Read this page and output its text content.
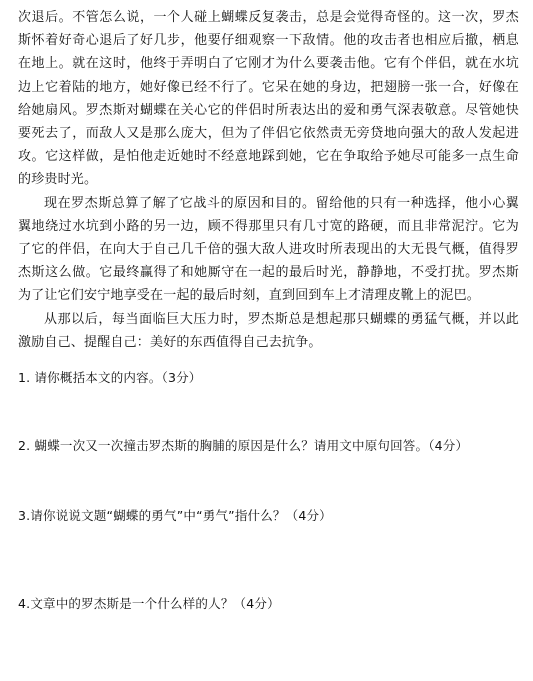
次退后。不管怎么说，一个人碰上蝴蝶反复袭击，总是会觉得奇怪的。这一次，罗杰斯怀着好奇心退后了好几步，他要仔细观察一下敌情。他的攻击者也相应后撤，栖息在地上。就在这时，他终于弄明白了它刚才为什么要袭击他。它有个伴侣，就在水坑边上它着陆的地方，她好像已经不行了。它呆在她的身边，把翅膀一张一合，好像在给她扇风。罗杰斯对蝴蝶在关心它的伴侣时所表达出的爱和勇气深表敬意。尽管她快要死去了，而敌人又是那么庞大，但为了伴侣它依然责无旁贷地向强大的敌人发起进攻。它这样做，是怕他走近她时不经意地踩到她，它在争取给予她尽可能多一点生命的珍贵时光。

现在罗杰斯总算了解了它战斗的原因和目的。留给他的只有一种选择，他小心翼翼地绕过水坑到小路的另一边，顾不得那里只有几寸宽的路硬，而且非常泥泞。它为了它的伴侣，在向大于自己几千倍的强大敌人进攻时所表现出的大无畏气概，值得罗杰斯这么做。它最终赢得了和她厮守在一起的最后时光，静静地，不受打扰。罗杰斯为了让它们安宁地享受在一起的最后时刻，直到回到车上才清理皮靴上的泥巴。

从那以后，每当面临巨大压力时，罗杰斯总是想起那只蝴蝶的勇猛气概，并以此激励自己、提醒自己：美好的东西值得自己去抗争。

1. 请你概括本文的内容。（3分）

2. 蝴蝶一次又一次撞击罗杰斯的胸脯的原因是什么？请用文中原句回答。（4分）

3.请你说说文题“蝴蝶的勇气”中“勇气”指什么？（4分）

4.文章中的罗杰斯是一个什么样的人？（4分）
